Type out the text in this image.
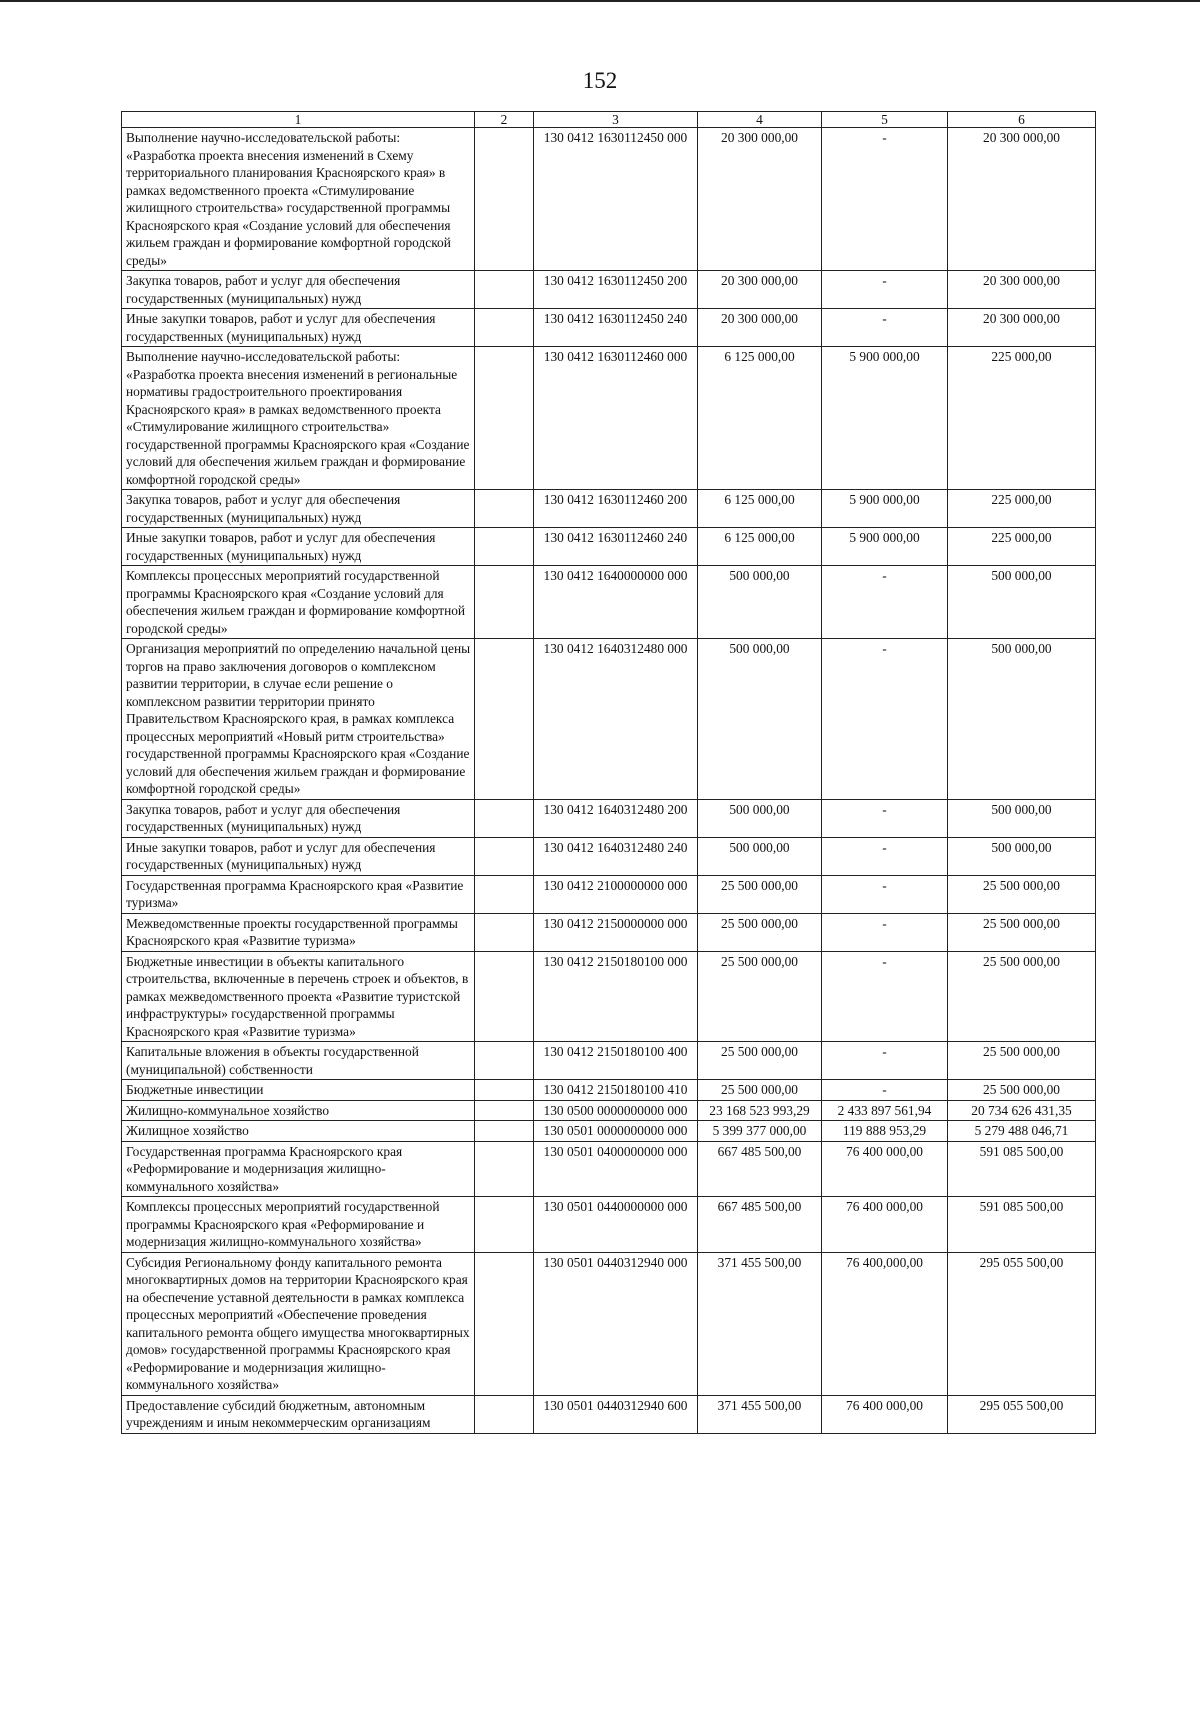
152
1	2	3	4	5	6
Выполнение научно-исследовательской работы: «Разработка проекта внесения изменений в Схему территориального планирования Красноярского края» в рамках ведомственного проекта «Стимулирование жилищного строительства» государственной программы Красноярского края «Создание условий для обеспечения жильем граждан и формирование комфортной городской среды»		130 0412 1630112450 000	20 300 000,00	-	20 300 000,00
Закупка товаров, работ и услуг для обеспечения государственных (муниципальных) нужд		130 0412 1630112450 200	20 300 000,00	-	20 300 000,00
Иные закупки товаров, работ и услуг для обеспечения государственных (муниципальных) нужд		130 0412 1630112450 240	20 300 000,00	-	20 300 000,00
Выполнение научно-исследовательской работы: «Разработка проекта внесения изменений в региональные нормативы градостроительного проектирования Красноярского края» в рамках ведомственного проекта «Стимулирование жилищного строительства» государственной программы Красноярского края «Создание условий для обеспечения жильем граждан и формирование комфортной городской среды»		130 0412 1630112460 000	6 125 000,00	5 900 000,00	225 000,00
Закупка товаров, работ и услуг для обеспечения государственных (муниципальных) нужд		130 0412 1630112460 200	6 125 000,00	5 900 000,00	225 000,00
Иные закупки товаров, работ и услуг для обеспечения государственных (муниципальных) нужд		130 0412 1630112460 240	6 125 000,00	5 900 000,00	225 000,00
Комплексы процессных мероприятий государственной программы Красноярского края «Создание условий для обеспечения жильем граждан и формирование комфортной городской среды»		130 0412 1640000000 000	500 000,00	-	500 000,00
Организация мероприятий по определению начальной цены торгов на право заключения договоров о комплексном развитии территории, в случае если решение о комплексном развитии территории принято Правительством Красноярского края, в рамках комплекса процессных мероприятий «Новый ритм строительства» государственной программы Красноярского края «Создание условий для обеспечения жильем граждан и формирование комфортной городской среды»		130 0412 1640312480 000	500 000,00	-	500 000,00
Закупка товаров, работ и услуг для обеспечения государственных (муниципальных) нужд		130 0412 1640312480 200	500 000,00	-	500 000,00
Иные закупки товаров, работ и услуг для обеспечения государственных (муниципальных) нужд		130 0412 1640312480 240	500 000,00	-	500 000,00
Государственная программа Красноярского края «Развитие туризма»		130 0412 2100000000 000	25 500 000,00	-	25 500 000,00
Межведомственные проекты государственной программы Красноярского края «Развитие туризма»		130 0412 2150000000 000	25 500 000,00	-	25 500 000,00
Бюджетные инвестиции в объекты капитального строительства, включенные в перечень строек и объектов, в рамках межведомственного проекта «Развитие туристской инфраструктуры» государственной программы Красноярского края «Развитие туризма»		130 0412 2150180100 000	25 500 000,00	-	25 500 000,00
Капитальные вложения в объекты государственной (муниципальной) собственности		130 0412 2150180100 400	25 500 000,00	-	25 500 000,00
Бюджетные инвестиции		130 0412 2150180100 410	25 500 000,00	-	25 500 000,00
Жилищно-коммунальное хозяйство		130 0500 0000000000 000	23 168 523 993,29	2 433 897 561,94	20 734 626 431,35
Жилищное хозяйство		130 0501 0000000000 000	5 399 377 000,00	119 888 953,29	5 279 488 046,71
Государственная программа Красноярского края «Реформирование и модернизация жилищно-коммунального хозяйства»		130 0501 0400000000 000	667 485 500,00	76 400 000,00	591 085 500,00
Комплексы процессных мероприятий государственной программы Красноярского края «Реформирование и модернизация жилищно-коммунального хозяйства»		130 0501 0440000000 000	667 485 500,00	76 400 000,00	591 085 500,00
Субсидия Региональному фонду капитального ремонта многоквартирных домов на территории Красноярского края на обеспечение уставной деятельности в рамках комплекса процессных мероприятий «Обеспечение проведения капитального ремонта общего имущества многоквартирных домов» государственной программы Красноярского края «Реформирование и модернизация жилищно-коммунального хозяйства»		130 0501 0440312940 000	371 455 500,00	76 400,000,00	295 055 500,00
Предоставление субсидий бюджетным, автономным учреждениям и иным некоммерческим организациям		130 0501 0440312940 600	371 455 500,00	76 400 000,00	295 055 500,00
